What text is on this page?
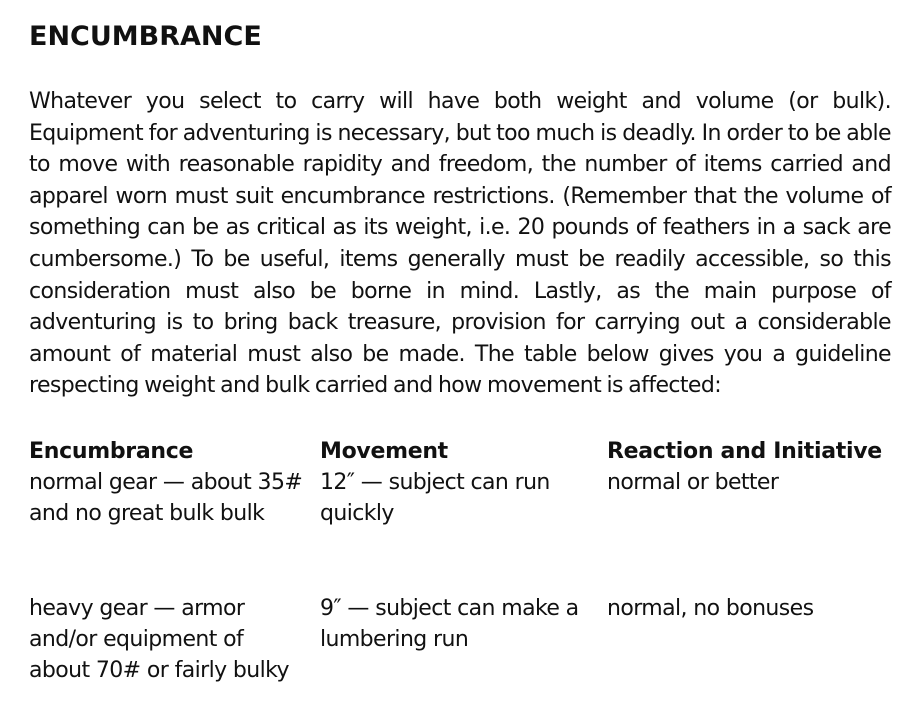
ENCUMBRANCE

Whatever you select to carry will have both weight and volume (or bulk). Equipment for adventuring is necessary, but too much is deadly. In order to be able to move with reasonable rapidity and freedom, the number of items carried and apparel worn must suit encumbrance restrictions. (Remember that the volume of something can be as critical as its weight, i.e. 20 pounds of feathers in a sack are cumbersome.) To be useful, items generally must be readily accessible, so this consideration must also be borne in mind. Lastly, as the main purpose of adventuring is to bring back treasure, provision for carrying out a considerable amount of material must also be made. The table below gives you a guideline respecting weight and bulk carried and how movement is affected:

Encumbrance	Movement	Reaction and Initiative
normal gear — about 35# and no great bulk bulk
12″ — subject can run quickly
normal or better
heavy gear — armor and/or equipment of about 70# or fairly bulky
9″ — subject can make a lumbering run
normal, no bonuses
